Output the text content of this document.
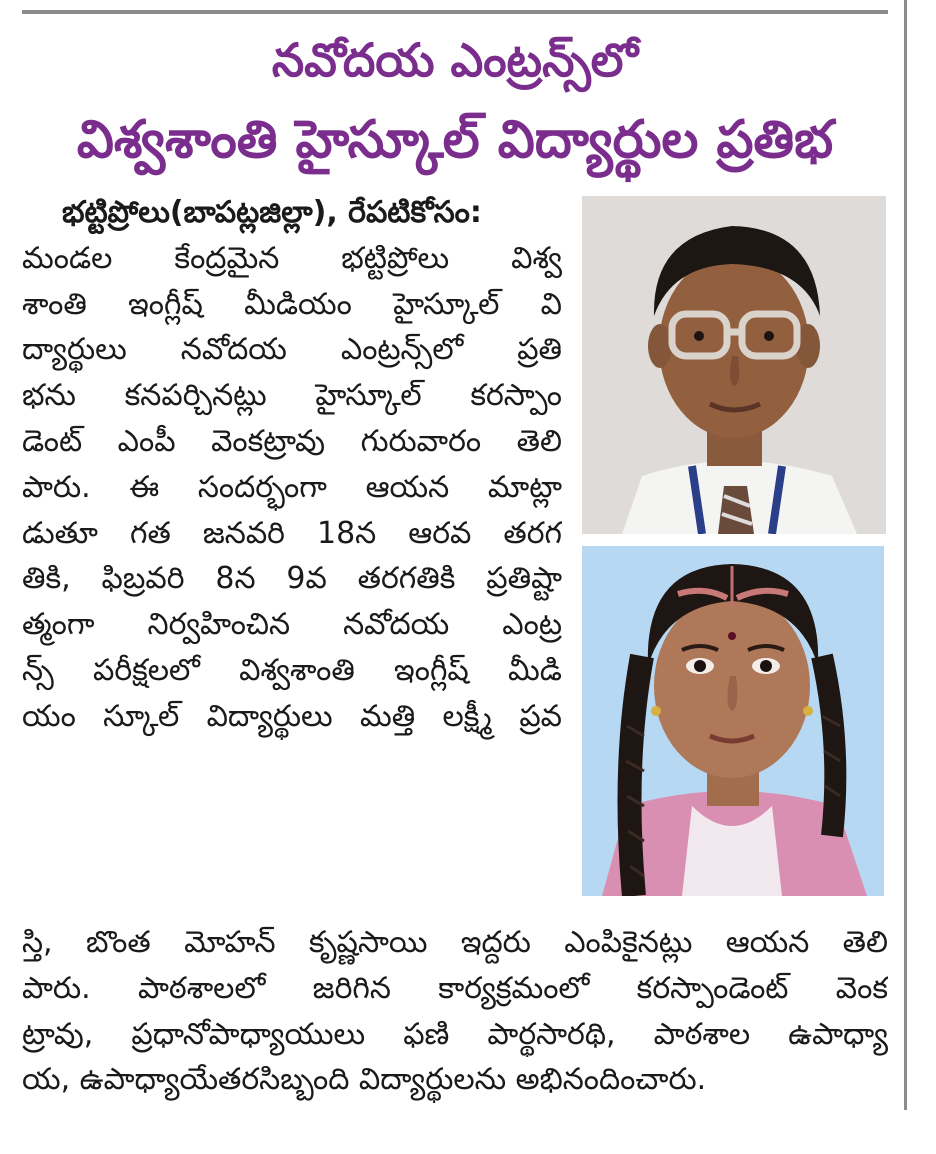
నవోదయ ఎంట్రన్స్‌లో
విశ్వశాంతి హైస్కూల్ విద్యార్థుల ప్రతిభ
భట్టిప్రోలు(బాపట్లజిల్లా), రేపటికోసం:
మండల కేంద్రమైన భట్టిప్రోలు విశ్వ
శాంతి ఇంగ్లీష్ మీడియం హైస్కూల్ వి
ద్యార్థులు నవోదయ ఎంట్రన్స్‌లో ప్రతి
భను కనపర్చినట్లు హైస్కూల్ కరస్పాం
డెంట్ ఎంపీ వెంకట్రావు గురువారం తెలి
పారు. ఈ సందర్భంగా ఆయన మాట్లా
డుతూ గత జనవరి 18న ఆరవ తరగ
తికి, ఫిబ్రవరి 8న 9వ తరగతికి ప్రతిష్టా
త్మంగా నిర్వహించిన నవోదయ ఎంట్ర
న్స్ పరీక్షలలో విశ్వశాంతి ఇంగ్లీష్ మీడి
యం స్కూల్ విద్యార్థులు మత్తి లక్ష్మీ ప్రవ
స్తి, బొంత మోహన్ కృష్ణసాయి ఇద్దరు ఎంపికైనట్లు ఆయన తెలి
పారు. పాఠశాలలో జరిగిన కార్యక్రమంలో కరస్పాండెంట్ వెంక
ట్రావు, ప్రధానోపాధ్యాయులు ఫణి పార్థసారథి, పాఠశాల ఉపాధ్యా
య, ఉపాధ్యాయేతరసిబ్బంది విద్యార్థులను అభినందించారు.
